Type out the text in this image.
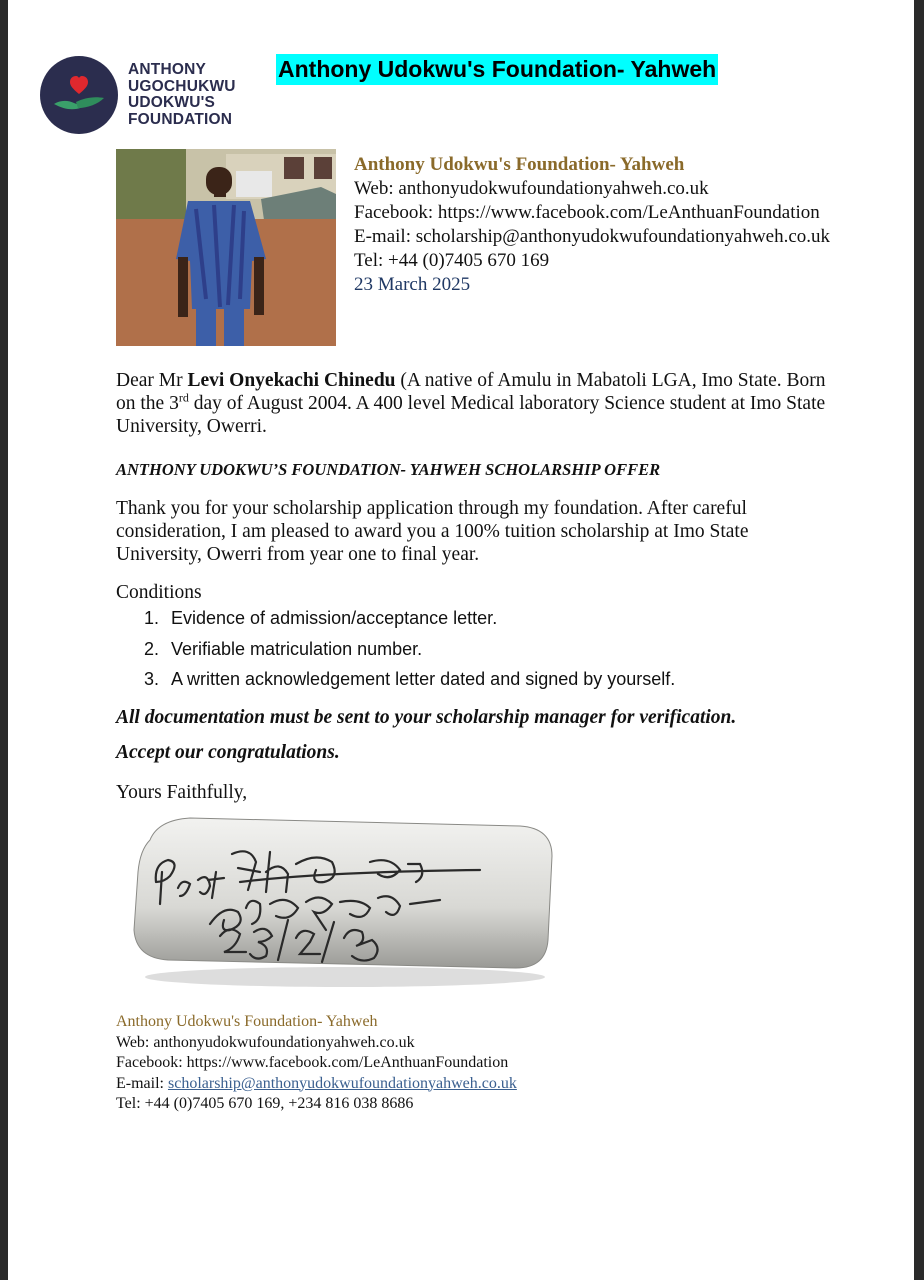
ANTHONY
UGOCHUKWU
UDOKWU'S
FOUNDATION
Anthony Udokwu's Foundation- Yahweh
Anthony Udokwu's Foundation- Yahweh
Web: anthonyudokwufoundationyahweh.co.uk
Facebook: https://www.facebook.com/LeAnthuanFoundation
E-mail: scholarship@anthonyudokwufoundationyahweh.co.uk
Tel: +44 (0)7405 670 169
23 March 2025
Dear Mr Levi Onyekachi Chinedu (A native of Amulu in Mabatoli LGA, Imo State. Born on the 3rd day of August 2004. A 400 level Medical laboratory Science student at Imo State University, Owerri.
ANTHONY UDOKWU’S FOUNDATION- YAHWEH SCHOLARSHIP OFFER
Thank you for your scholarship application through my foundation. After careful consideration, I am pleased to award you a 100% tuition scholarship at Imo State University, Owerri from year one to final year.
Conditions
1. Evidence of admission/acceptance letter.
2. Verifiable matriculation number.
3. A written acknowledgement letter dated and signed by yourself.
All documentation must be sent to your scholarship manager for verification.
Accept our congratulations.
Yours Faithfully,
Anthony Udokwu's Foundation- Yahweh
Web: anthonyudokwufoundationyahweh.co.uk
Facebook: https://www.facebook.com/LeAnthuanFoundation
E-mail: scholarship@anthonyudokwufoundationyahweh.co.uk
Tel: +44 (0)7405 670 169, +234 816 038 8686
